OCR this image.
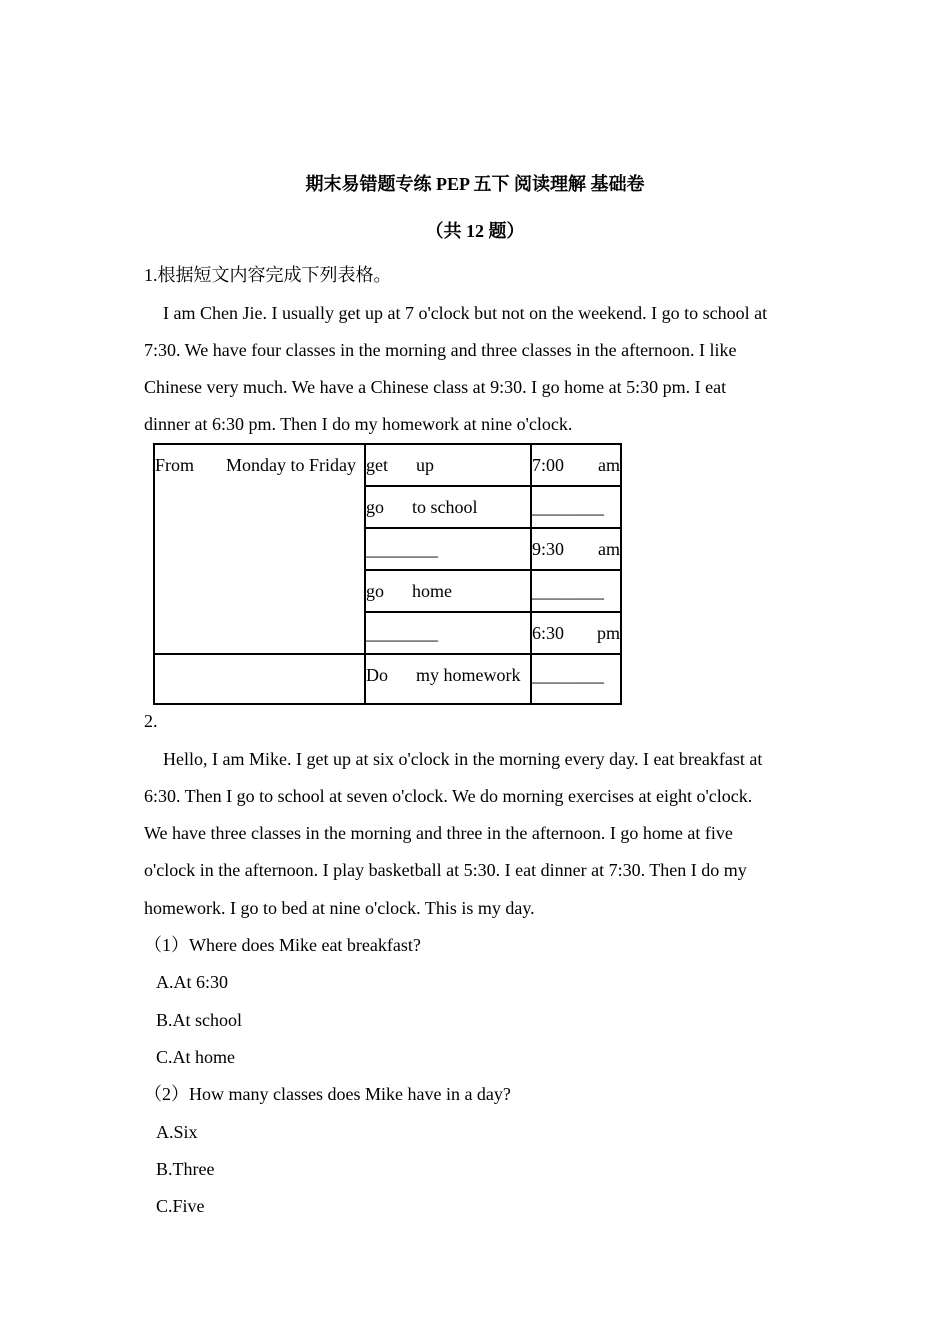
期末易错题专练 PEP 五下 阅读理解 基础卷
（共 12 题）
1.根据短文内容完成下列表格。
I am Chen Jie. I usually get up at 7 o'clock but not on the weekend. I go to school at
7:30. We have four classes in the morning and three classes in the afternoon. I like
Chinese very much. We have a Chinese class at 9:30. I go home at 5:30 pm. I eat
dinner at 6:30 pm. Then I do my homework at nine o'clock.
From Monday to Friday	get up	7:00 am

	go to school	________
	________	9:30 am

	go home	________
	________	6:30 pm

	Do my homework	________
2.
Hello, I am Mike. I get up at six o'clock in the morning every day. I eat breakfast at
6:30. Then I go to school at seven o'clock. We do morning exercises at eight o'clock.
We have three classes in the morning and three in the afternoon. I go home at five
o'clock in the afternoon. I play basketball at 5:30. I eat dinner at 7:30. Then I do my
homework. I go to bed at nine o'clock. This is my day.
（1）Where does Mike eat breakfast?
A.At 6:30
B.At school
C.At home
（2）How many classes does Mike have in a day?
A.Six
B.Three
C.Five
